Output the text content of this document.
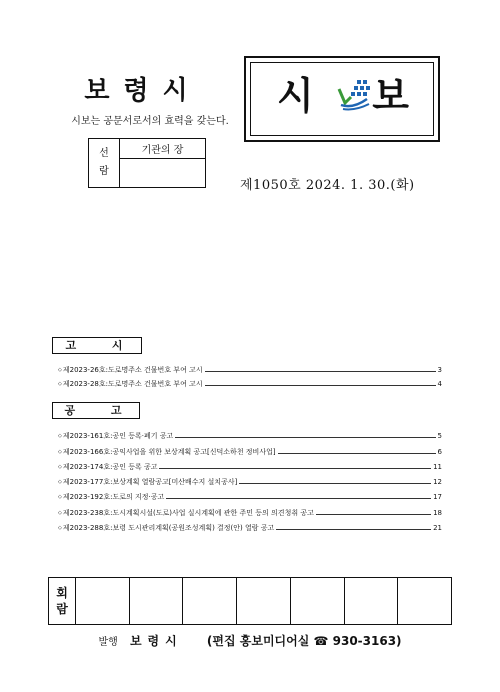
보령시
시보는 공문서로서의 효력을 갖는다.
시 보
선
람	기관의 장

제1050호 2024. 1. 30.(화)
고 시
◇ 제2023-26호 : 도로명주소 건물번호 부여 고시	3
◇ 제2023-28호 : 도로명주소 건물번호 부여 고시	4
공 고
◇ 제2023-161호 : 공인 등록·폐기 공고	5
◇ 제2023-166호 : 공익사업을 위한 보상계획 공고[신덕소하천 정비사업]	6
◇ 제2023-174호 : 공인 등록 공고	11
◇ 제2023-177호 : 보상계획 열람공고[미산배수지 설치공사]	12
◇ 제2023-192호 : 도로의 지정·공고	17
◇ 제2023-238호 : 도시계획시설(도로)사업 실시계획에 관한 주민 등의 의견청취 공고	18
◇ 제2023-288호 : 보령 도시관리계획(공원조성계획) 결정(안) 열람 공고	21
회
람							
발행 보령시 (편집 홍보미디어실 ☎ 930-3163)
